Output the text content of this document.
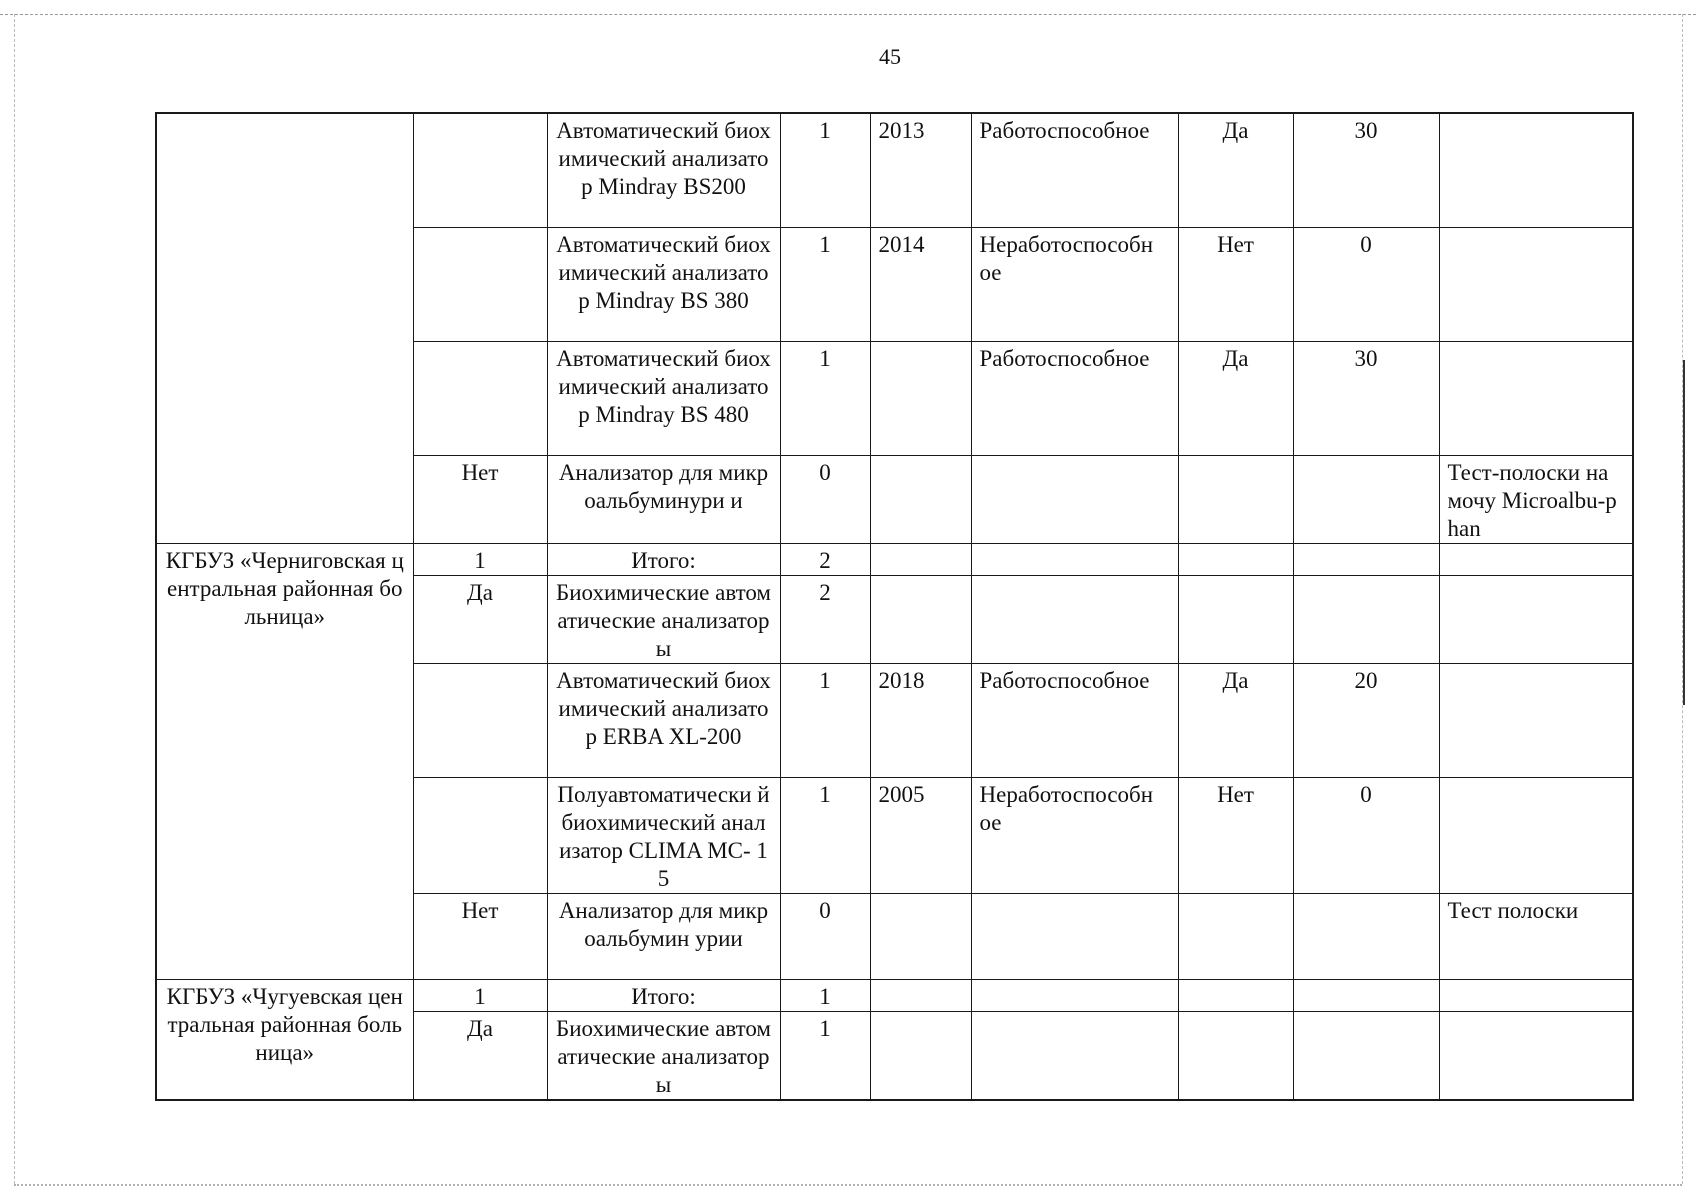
45
		Автоматический биохимический анализатор Mindray BS200	1	2013	Работоспособное	Да	30	
		Автоматический биохимический анализатор Mindray BS 380	1	2014	Неработоспособн ое	Нет	0	
		Автоматический биохимический анализатор Mindray BS 480	1		Работоспособное	Да	30	
	Нет	Анализатор для микроальбуминури и	0					Тест-полоски на мочу Microalbu-phan
КГБУЗ «Черниговская центральная районная больница»	1	Итого:	2					
	Да	Биохимические автоматические анализаторы	2					
		Автоматический биохимический анализатор ERBA XL-200	1	2018	Работоспособное	Да	20	
		Полуавтоматически й биохимический анализатор CLIMA MC- 15	1	2005	Неработоспособн ое	Нет	0	
	Нет	Анализатор для микроальбумин урии	0					Тест полоски
КГБУЗ «Чугуевская центральная районная больница»	1	Итого:	1					
	Да	Биохимические автоматические анализаторы	1					
